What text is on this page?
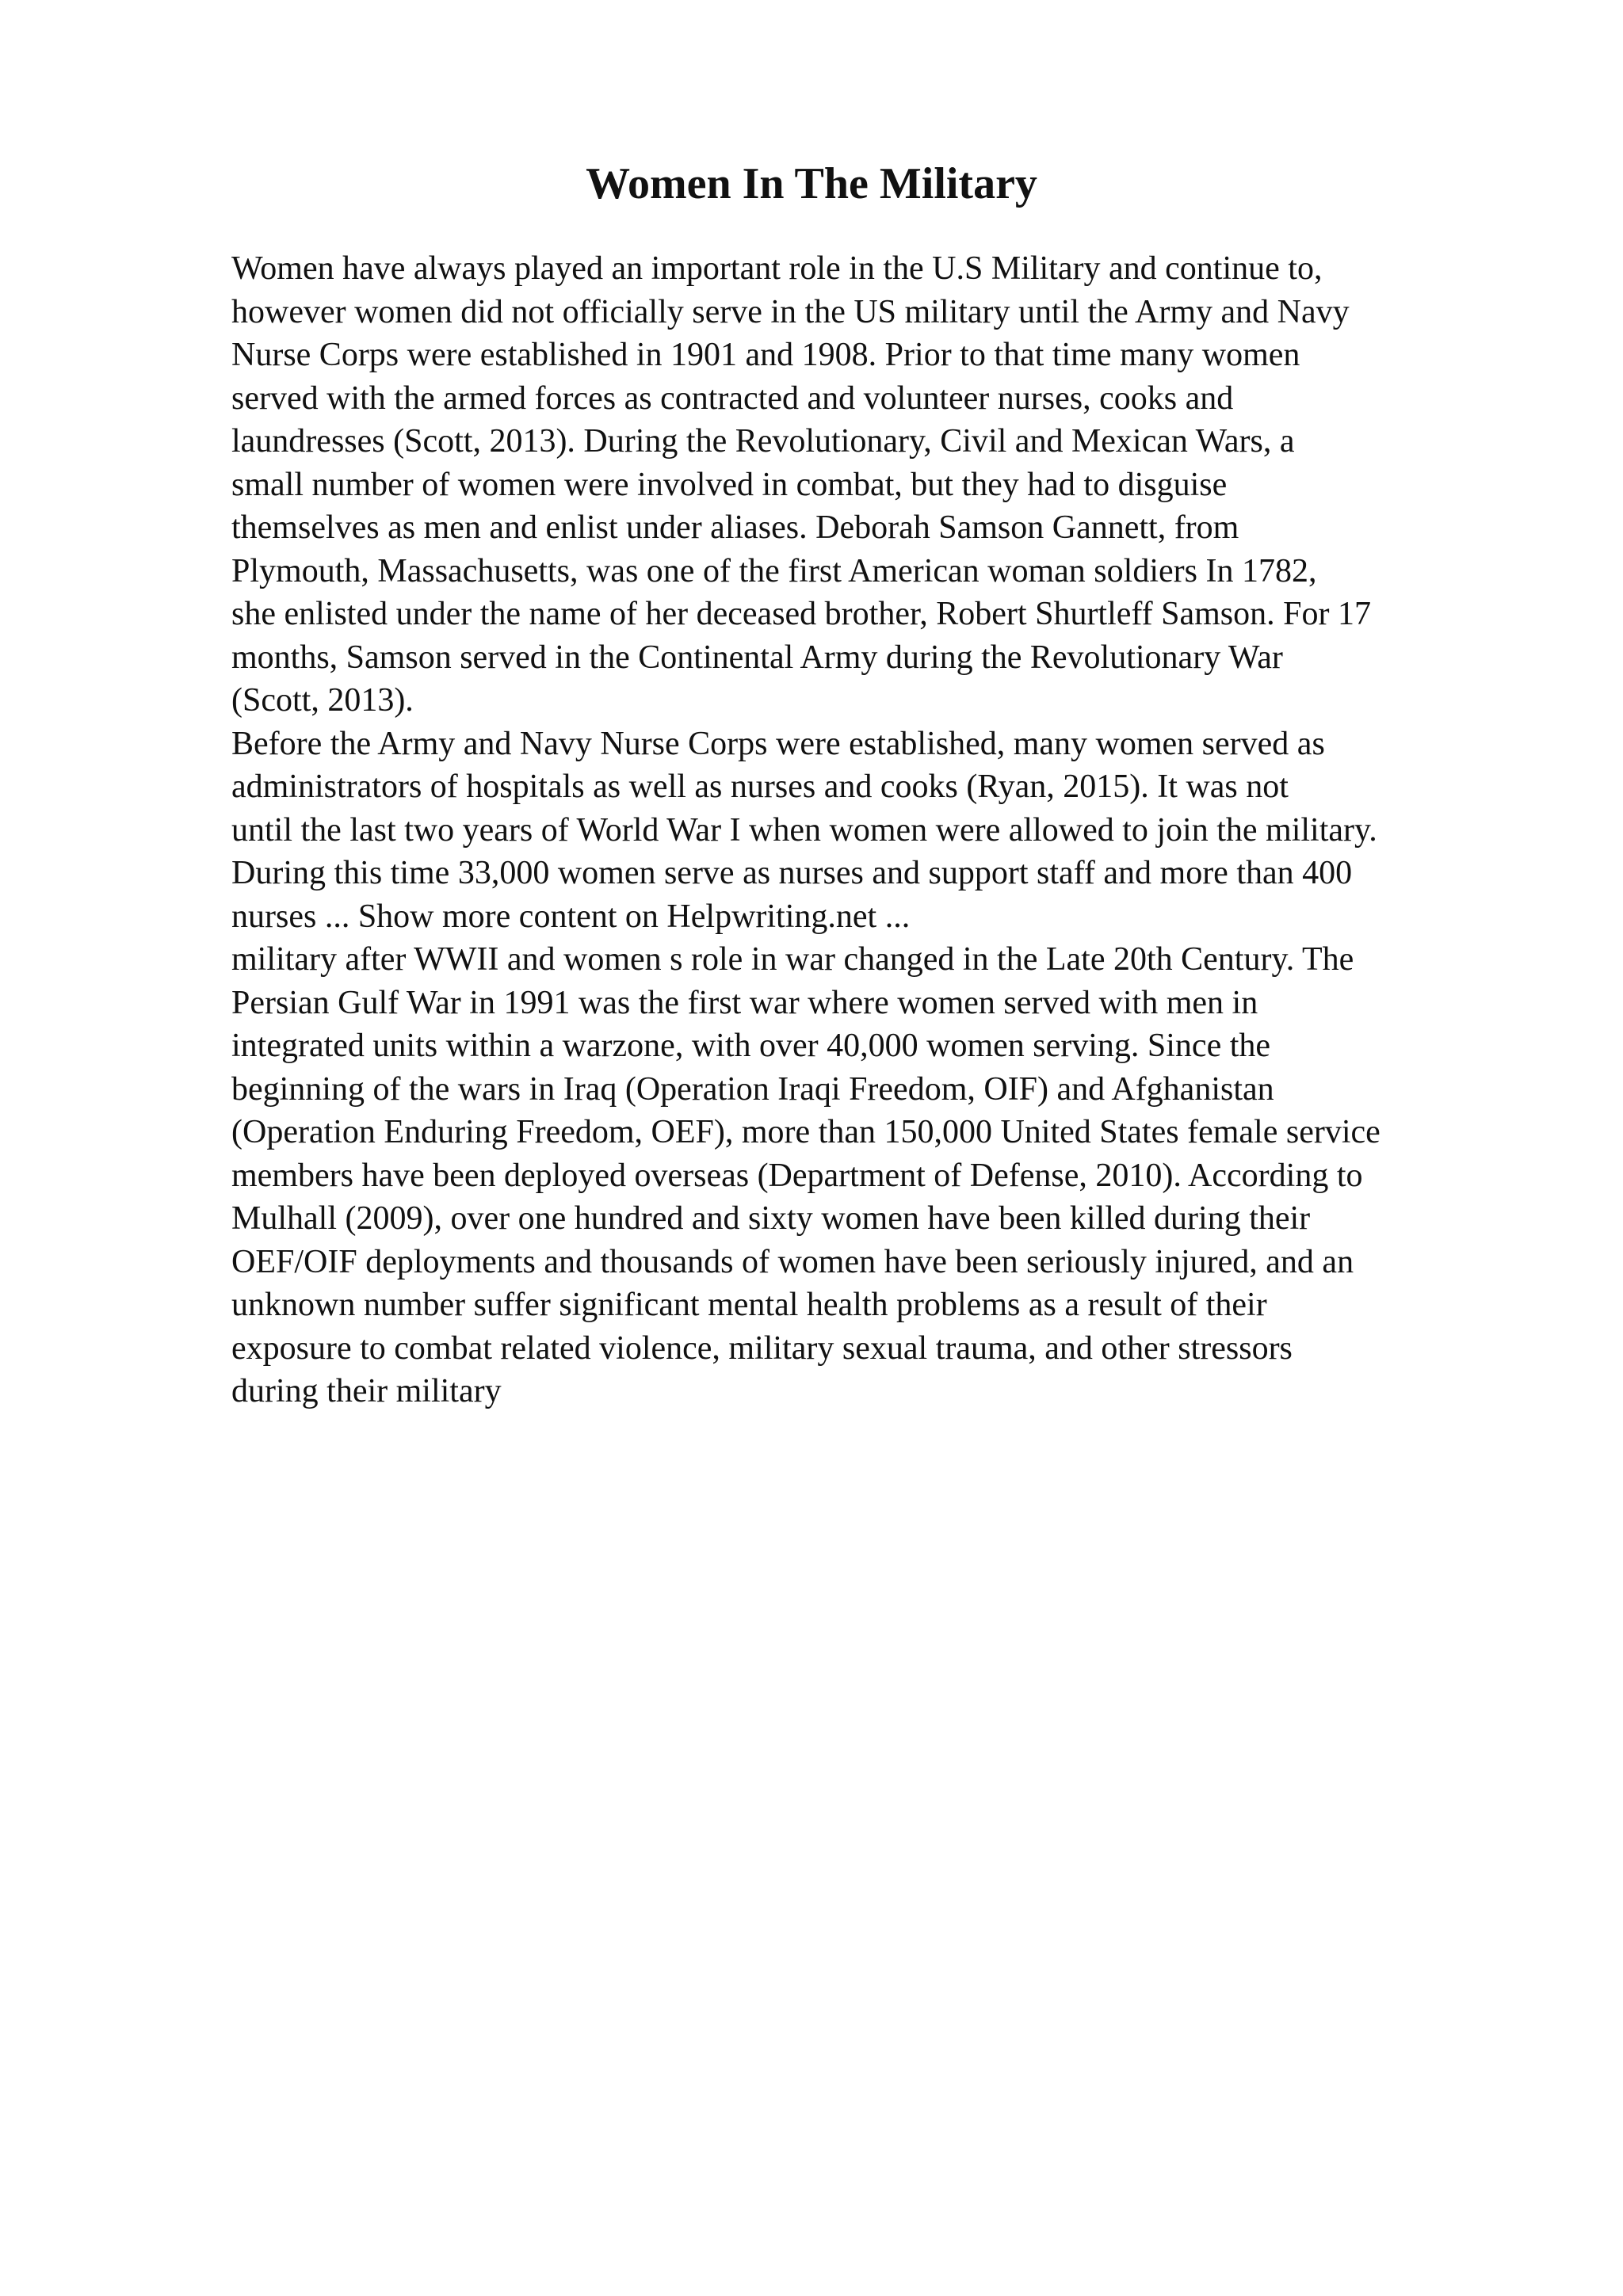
Women In The Military
Women have always played an important role in the U.S Military and continue to,
however women did not officially serve in the US military until the Army and Navy
Nurse Corps were established in 1901 and 1908. Prior to that time many women
served with the armed forces as contracted and volunteer nurses, cooks and
laundresses (Scott, 2013). During the Revolutionary, Civil and Mexican Wars, a
small number of women were involved in combat, but they had to disguise
themselves as men and enlist under aliases. Deborah Samson Gannett, from
Plymouth, Massachusetts, was one of the first American woman soldiers In 1782,
she enlisted under the name of her deceased brother, Robert Shurtleff Samson. For 17
months, Samson served in the Continental Army during the Revolutionary War
(Scott, 2013).
Before the Army and Navy Nurse Corps were established, many women served as
administrators of hospitals as well as nurses and cooks (Ryan, 2015). It was not
until the last two years of World War I when women were allowed to join the military.
During this time 33,000 women serve as nurses and support staff and more than 400
nurses ... Show more content on Helpwriting.net ...
military after WWII and women s role in war changed in the Late 20th Century. The
Persian Gulf War in 1991 was the first war where women served with men in
integrated units within a warzone, with over 40,000 women serving. Since the
beginning of the wars in Iraq (Operation Iraqi Freedom, OIF) and Afghanistan
(Operation Enduring Freedom, OEF), more than 150,000 United States female service
members have been deployed overseas (Department of Defense, 2010). According to
Mulhall (2009), over one hundred and sixty women have been killed during their
OEF/OIF deployments and thousands of women have been seriously injured, and an
unknown number suffer significant mental health problems as a result of their
exposure to combat related violence, military sexual trauma, and other stressors
during their military
